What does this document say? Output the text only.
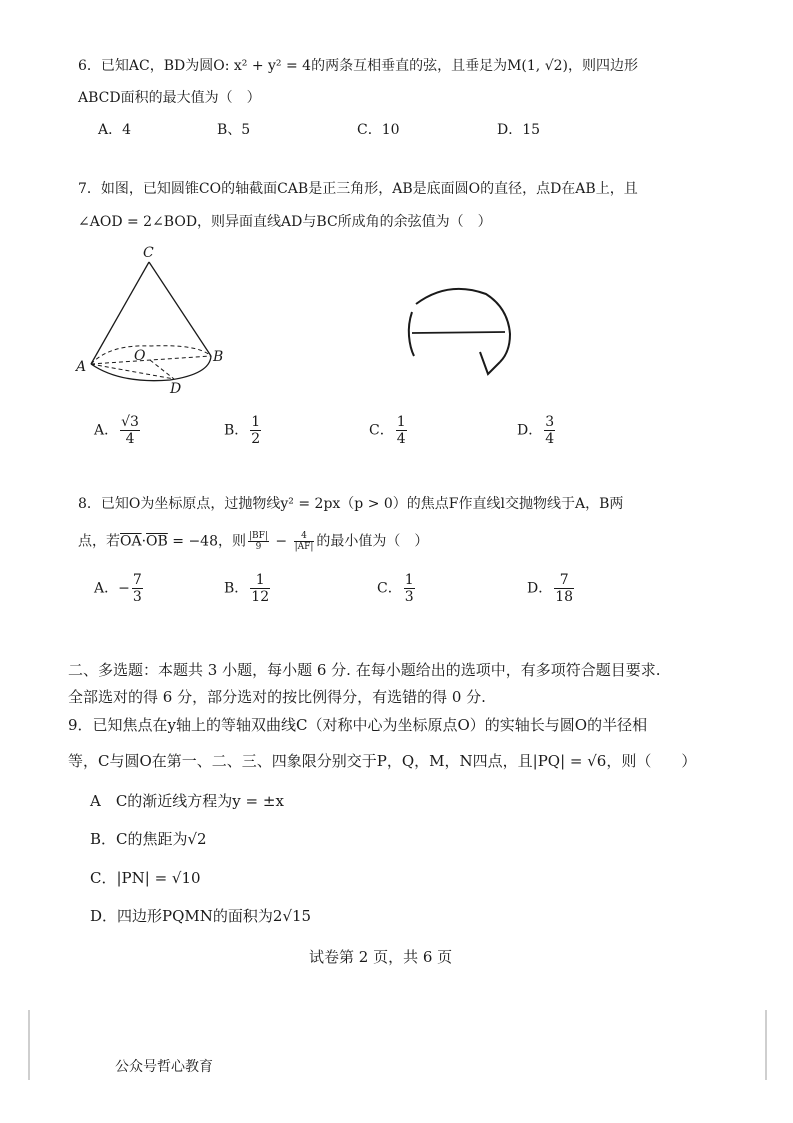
6．已知AC，BD为圆O: x² + y² = 4的两条互相垂直的弦，且垂足为M(1, √2)，则四边形
ABCD面积的最大值为（　）
A．4	B、5	C．10	D．15
7．如图，已知圆锥CO的轴截面CAB是正三角形，AB是底面圆O的直径，点D在AB上，且
∠AOD = 2∠BOD，则异面直线AD与BC所成角的余弦值为（　）
C
O
A
B
D
A． $\frac{√3}{4}$	B． $\frac{1}{2}$	C． $\frac{1}{4}$	D． $\frac{3}{4}$
8．已知O为坐标原点，过抛物线y² = 2px（p > 0）的焦点F作直线l交抛物线于A，B两
点，若$\overline{OA}\cdot\overline{OB} = -48$，则 $\frac{|BF|}{9} - \frac{4}{|AF|}$ 的最小值为（　）
A．− $\frac{7}{3}$	B． $\frac{1}{12}$	C． $\frac{1}{3}$	D． $\frac{7}{18}$
二、多选题：本题共 3 小题，每小题 6 分. 在每小题给出的选项中，有多项符合题目要求.
全部选对的得 6 分，部分选对的按比例得分，有选错的得 0 分.
9．已知焦点在y轴上的等轴双曲线C（对称中心为坐标原点O）的实轴长与圆O的半径相
等，C与圆O在第一、二、三、四象限分别交于P，Q，M，N四点，且|PQ| = √6，则（　　）
A　C的渐近线方程为y = ±x
B．C的焦距为√2
C．|PN| = √10
D．四边形PQMN的面积为2√15
试卷第 2 页，共 6 页
公众号哲心教育
